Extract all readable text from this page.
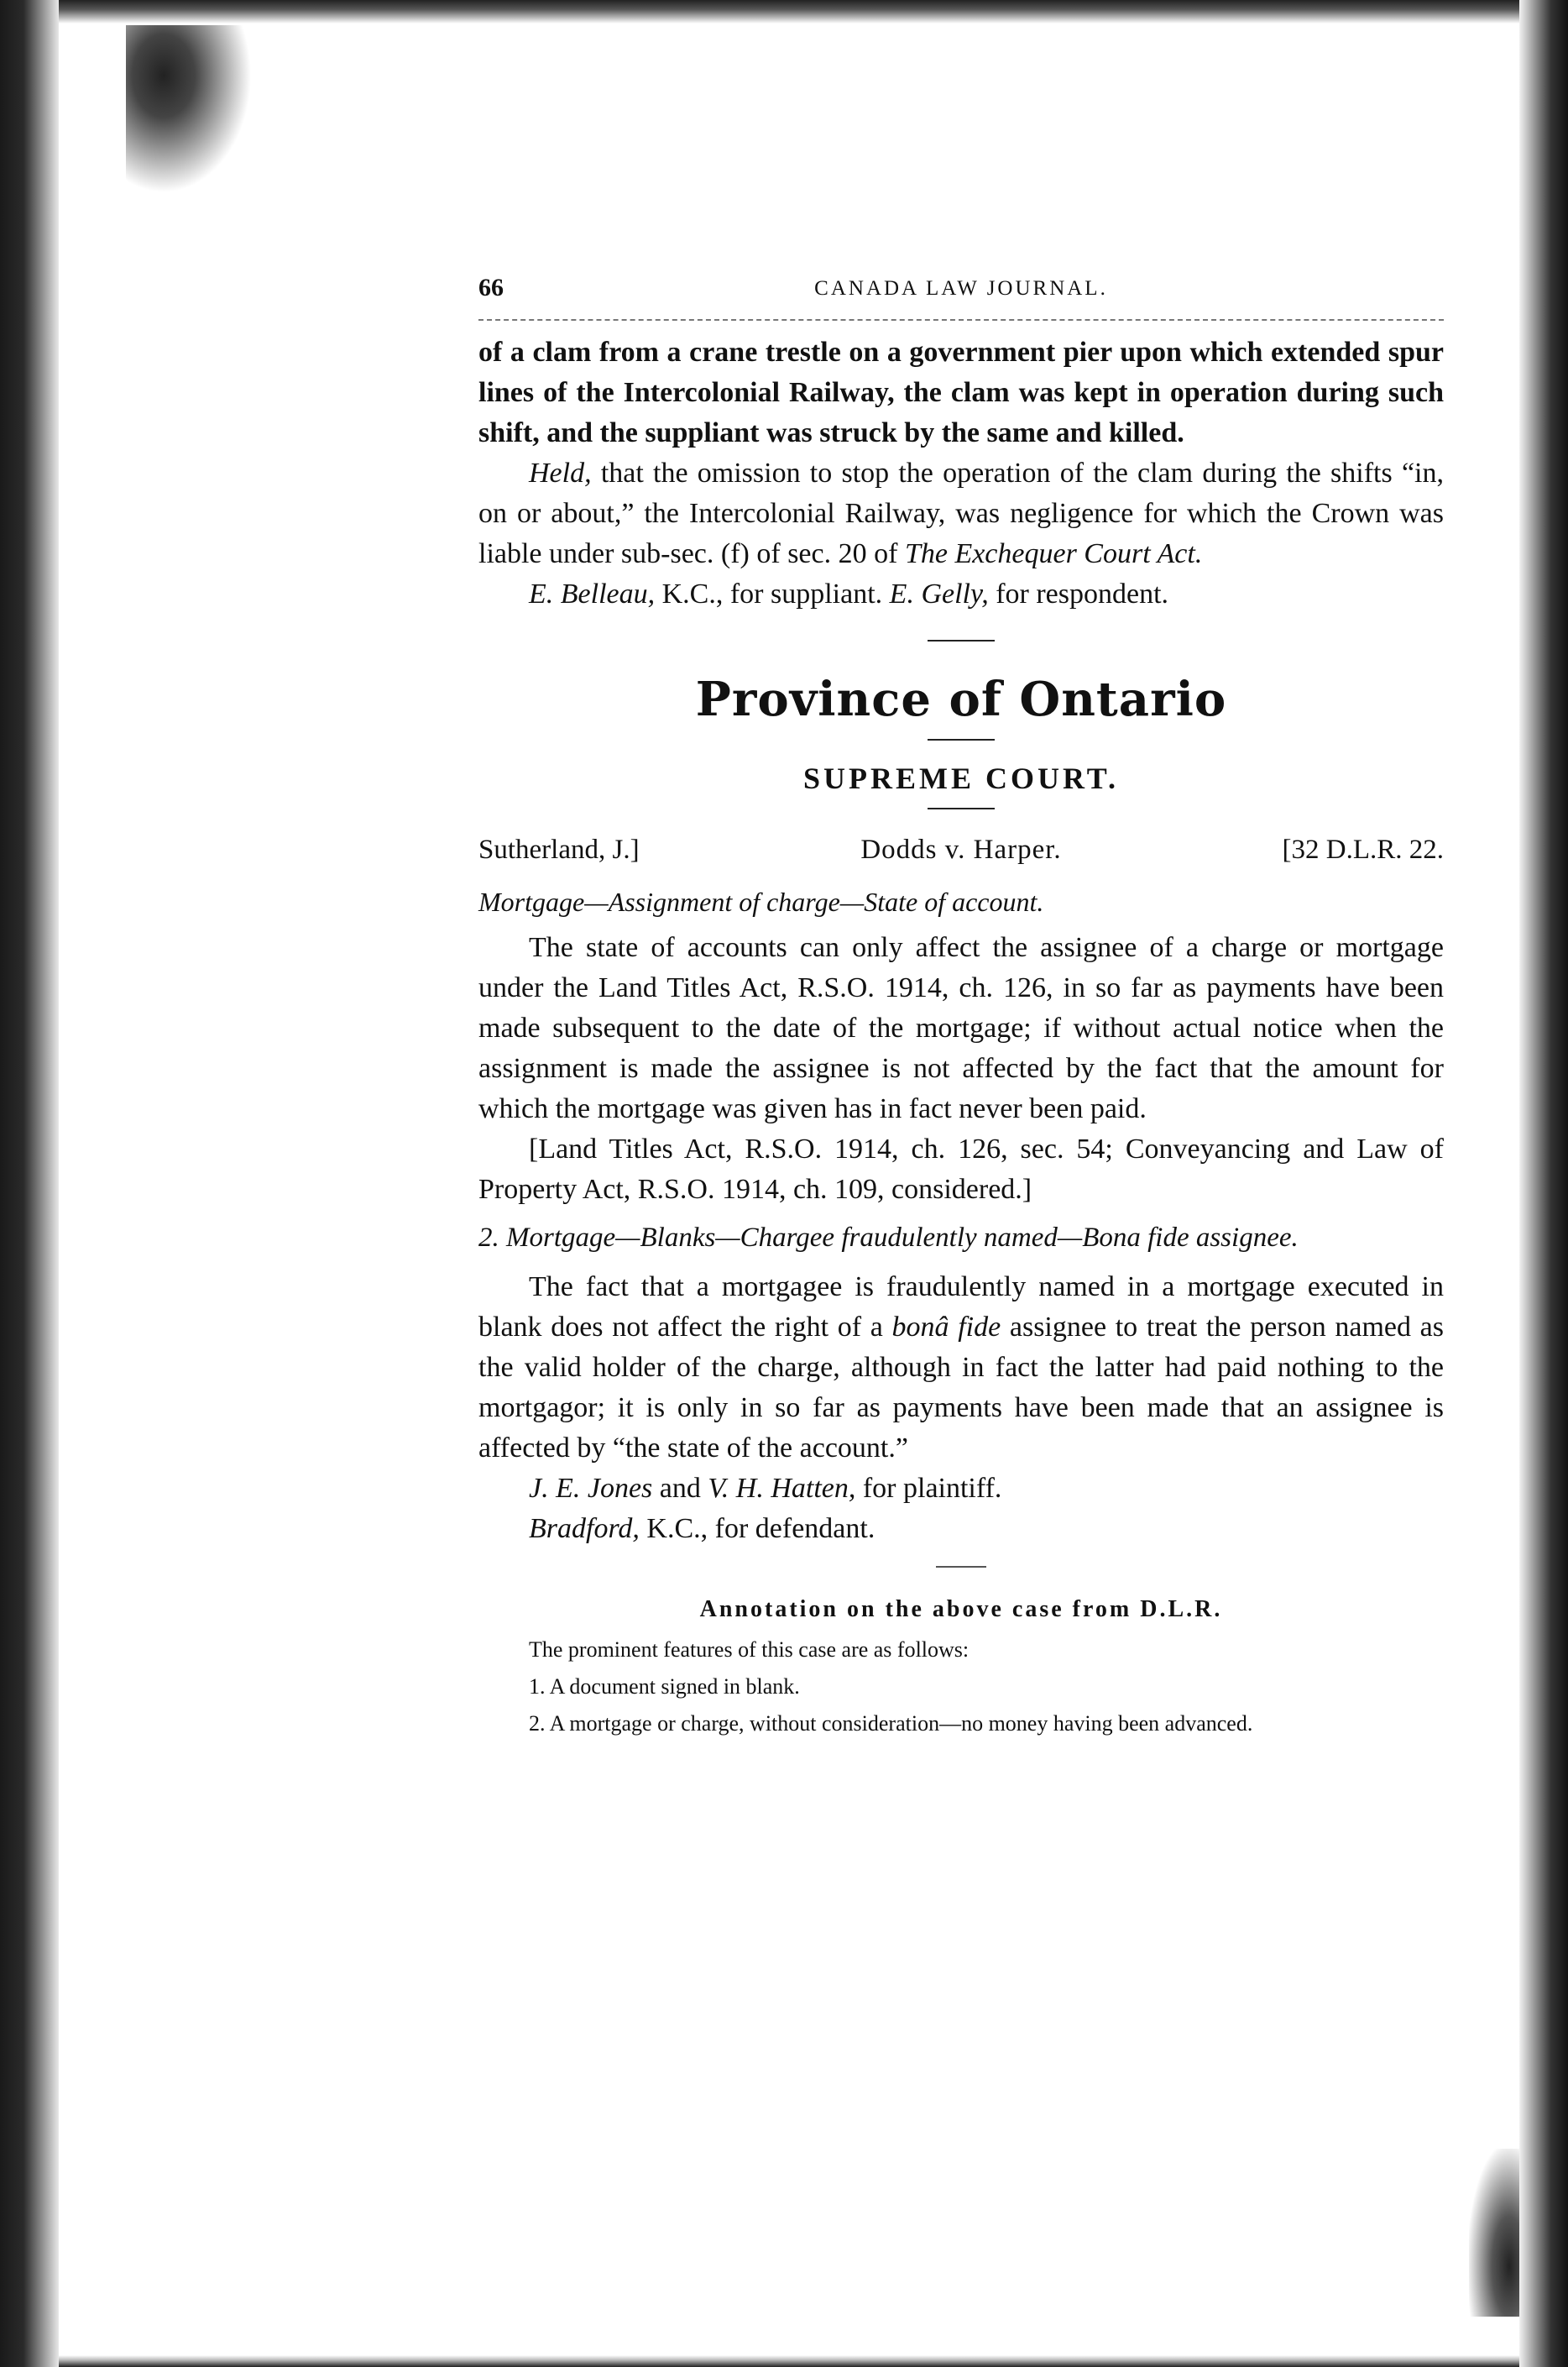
66	CANADA LAW JOURNAL.

of a clam from a crane trestle on a government pier upon which extended spur lines of the Intercolonial Railway, the clam was kept in operation during such shift, and the suppliant was struck by the same and killed.

Held, that the omission to stop the operation of the clam during the shifts “in, on or about,” the Intercolonial Railway, was negligence for which the Crown was liable under sub-sec. (f) of sec. 20 of The Exchequer Court Act.

E. Belleau, K.C., for suppliant. E. Gelly, for respondent.

Province of Ontario
SUPREME COURT.
Sutherland, J.]	Dodds v. Harper.	[32 D.L.R. 22.

Mortgage—Assignment of charge—State of account.

The state of accounts can only affect the assignee of a charge or mortgage under the Land Titles Act, R.S.O. 1914, ch. 126, in so far as payments have been made subsequent to the date of the mortgage; if without actual notice when the assignment is made the assignee is not affected by the fact that the amount for which the mortgage was given has in fact never been paid.

[Land Titles Act, R.S.O. 1914, ch. 126, sec. 54; Conveyancing and Law of Property Act, R.S.O. 1914, ch. 109, considered.]

2. Mortgage—Blanks—Chargee fraudulently named—Bona fide assignee.

The fact that a mortgagee is fraudulently named in a mortgage executed in blank does not affect the right of a bonâ fide assignee to treat the person named as the valid holder of the charge, although in fact the latter had paid nothing to the mortgagor; it is only in so far as payments have been made that an assignee is affected by “the state of the account.”

J. E. Jones and V. H. Hatten, for plaintiff.

Bradford, K.C., for defendant.

Annotation on the above case from D.L.R.

The prominent features of this case are as follows:

1. A document signed in blank.

2. A mortgage or charge, without consideration—no money having been advanced.
